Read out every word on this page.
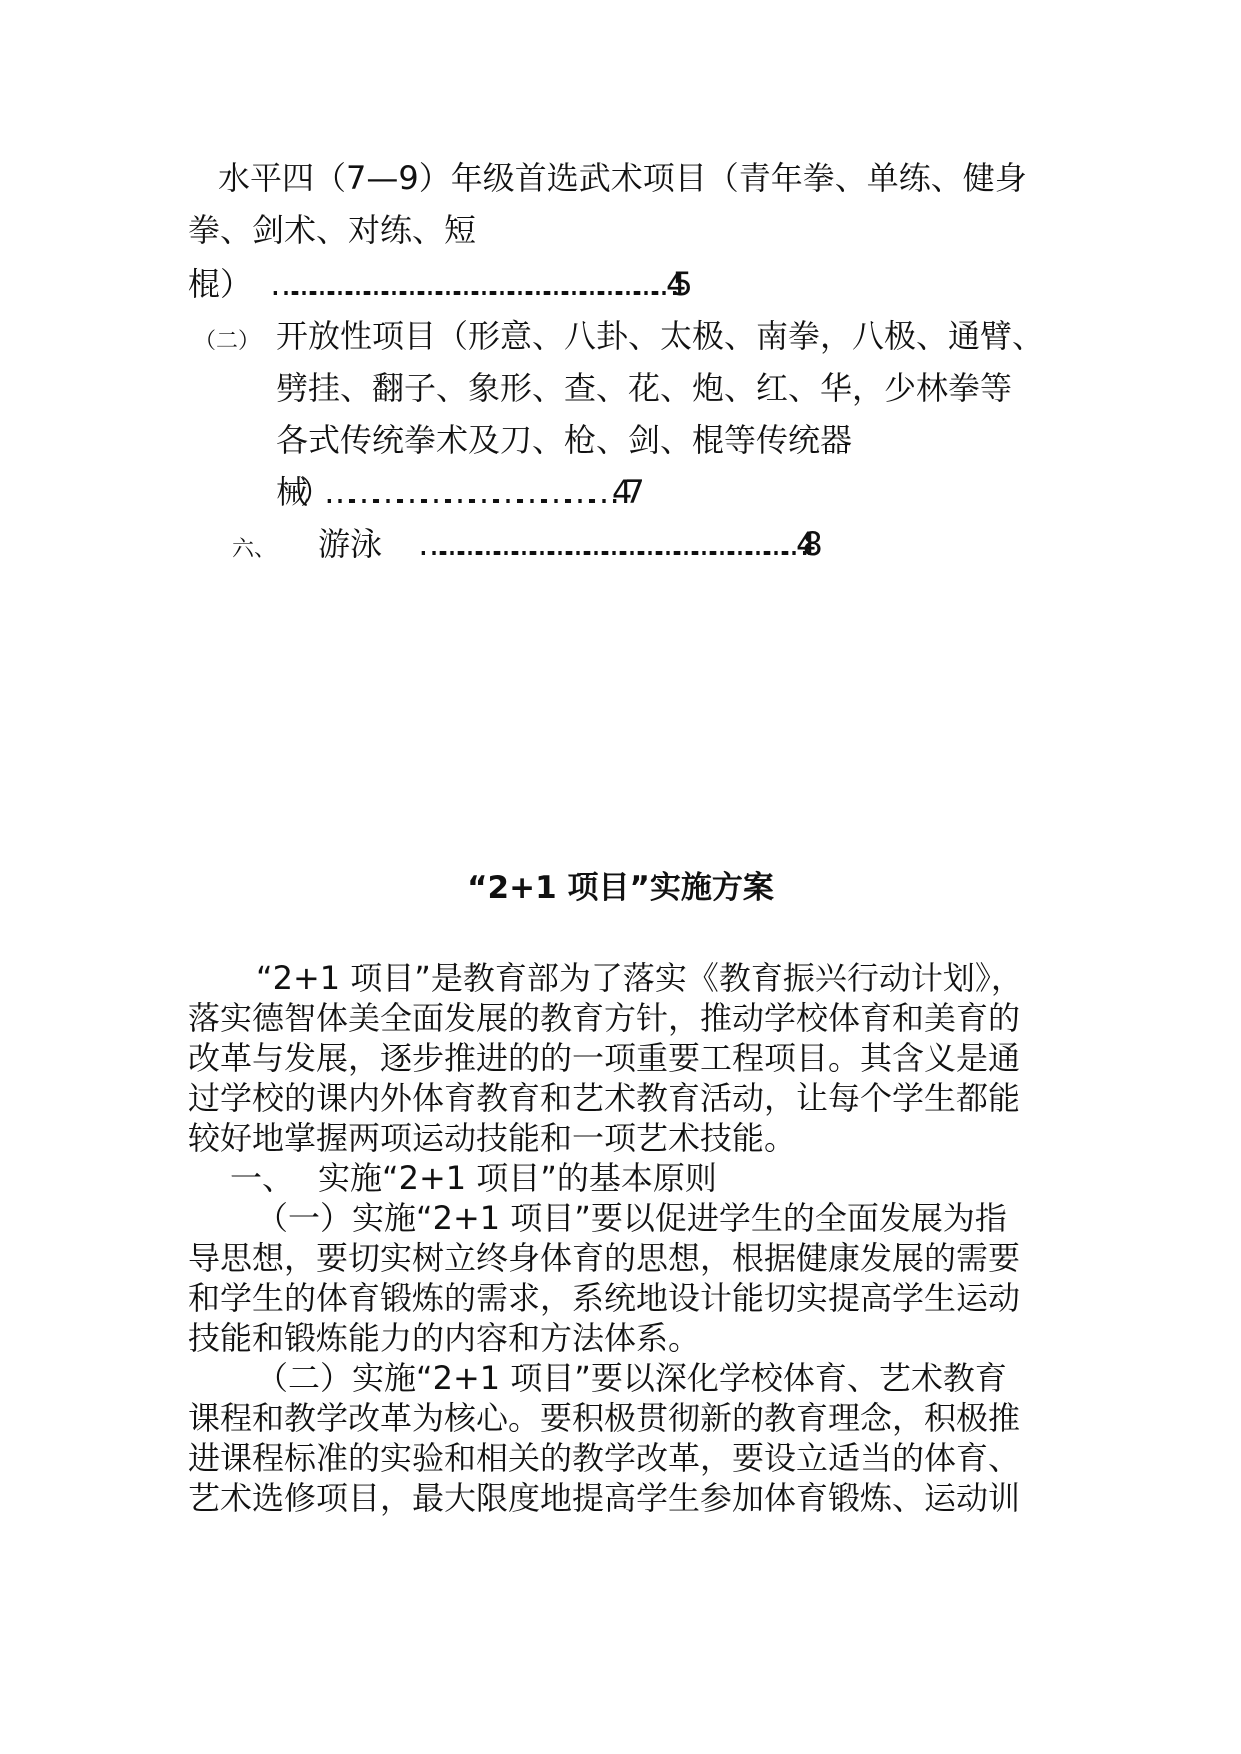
水平四（7—9）年级首选武术项目（青年拳、单练、健身
拳、剑术、对练、短
棍） …………………………………………………………45
（二） 开放性项目（形意、八卦、太极、南拳，八极、通臂、
劈挂、翻子、象形、查、花、炮、红、华，少林拳等
各式传统拳术及刀、枪、剑、棍等传统器
械）………………………………47
六、 游泳 ………………………………………………………48
“2+1 项目”实施方案
“2+1 项目”是教育部为了落实《教育振兴行动计划》，
落实德智体美全面发展的教育方针，推动学校体育和美育的
改革与发展，逐步推进的的一项重要工程项目。其含义是通
过学校的课内外体育教育和艺术教育活动，让每个学生都能
较好地掌握两项运动技能和一项艺术技能。
一、 实施“2+1 项目”的基本原则
（一）实施“2+1 项目”要以促进学生的全面发展为指
导思想，要切实树立终身体育的思想，根据健康发展的需要
和学生的体育锻炼的需求，系统地设计能切实提高学生运动
技能和锻炼能力的内容和方法体系。
（二）实施“2+1 项目”要以深化学校体育、艺术教育
课程和教学改革为核心。要积极贯彻新的教育理念，积极推
进课程标准的实验和相关的教学改革，要设立适当的体育、
艺术选修项目，最大限度地提高学生参加体育锻炼、运动训
